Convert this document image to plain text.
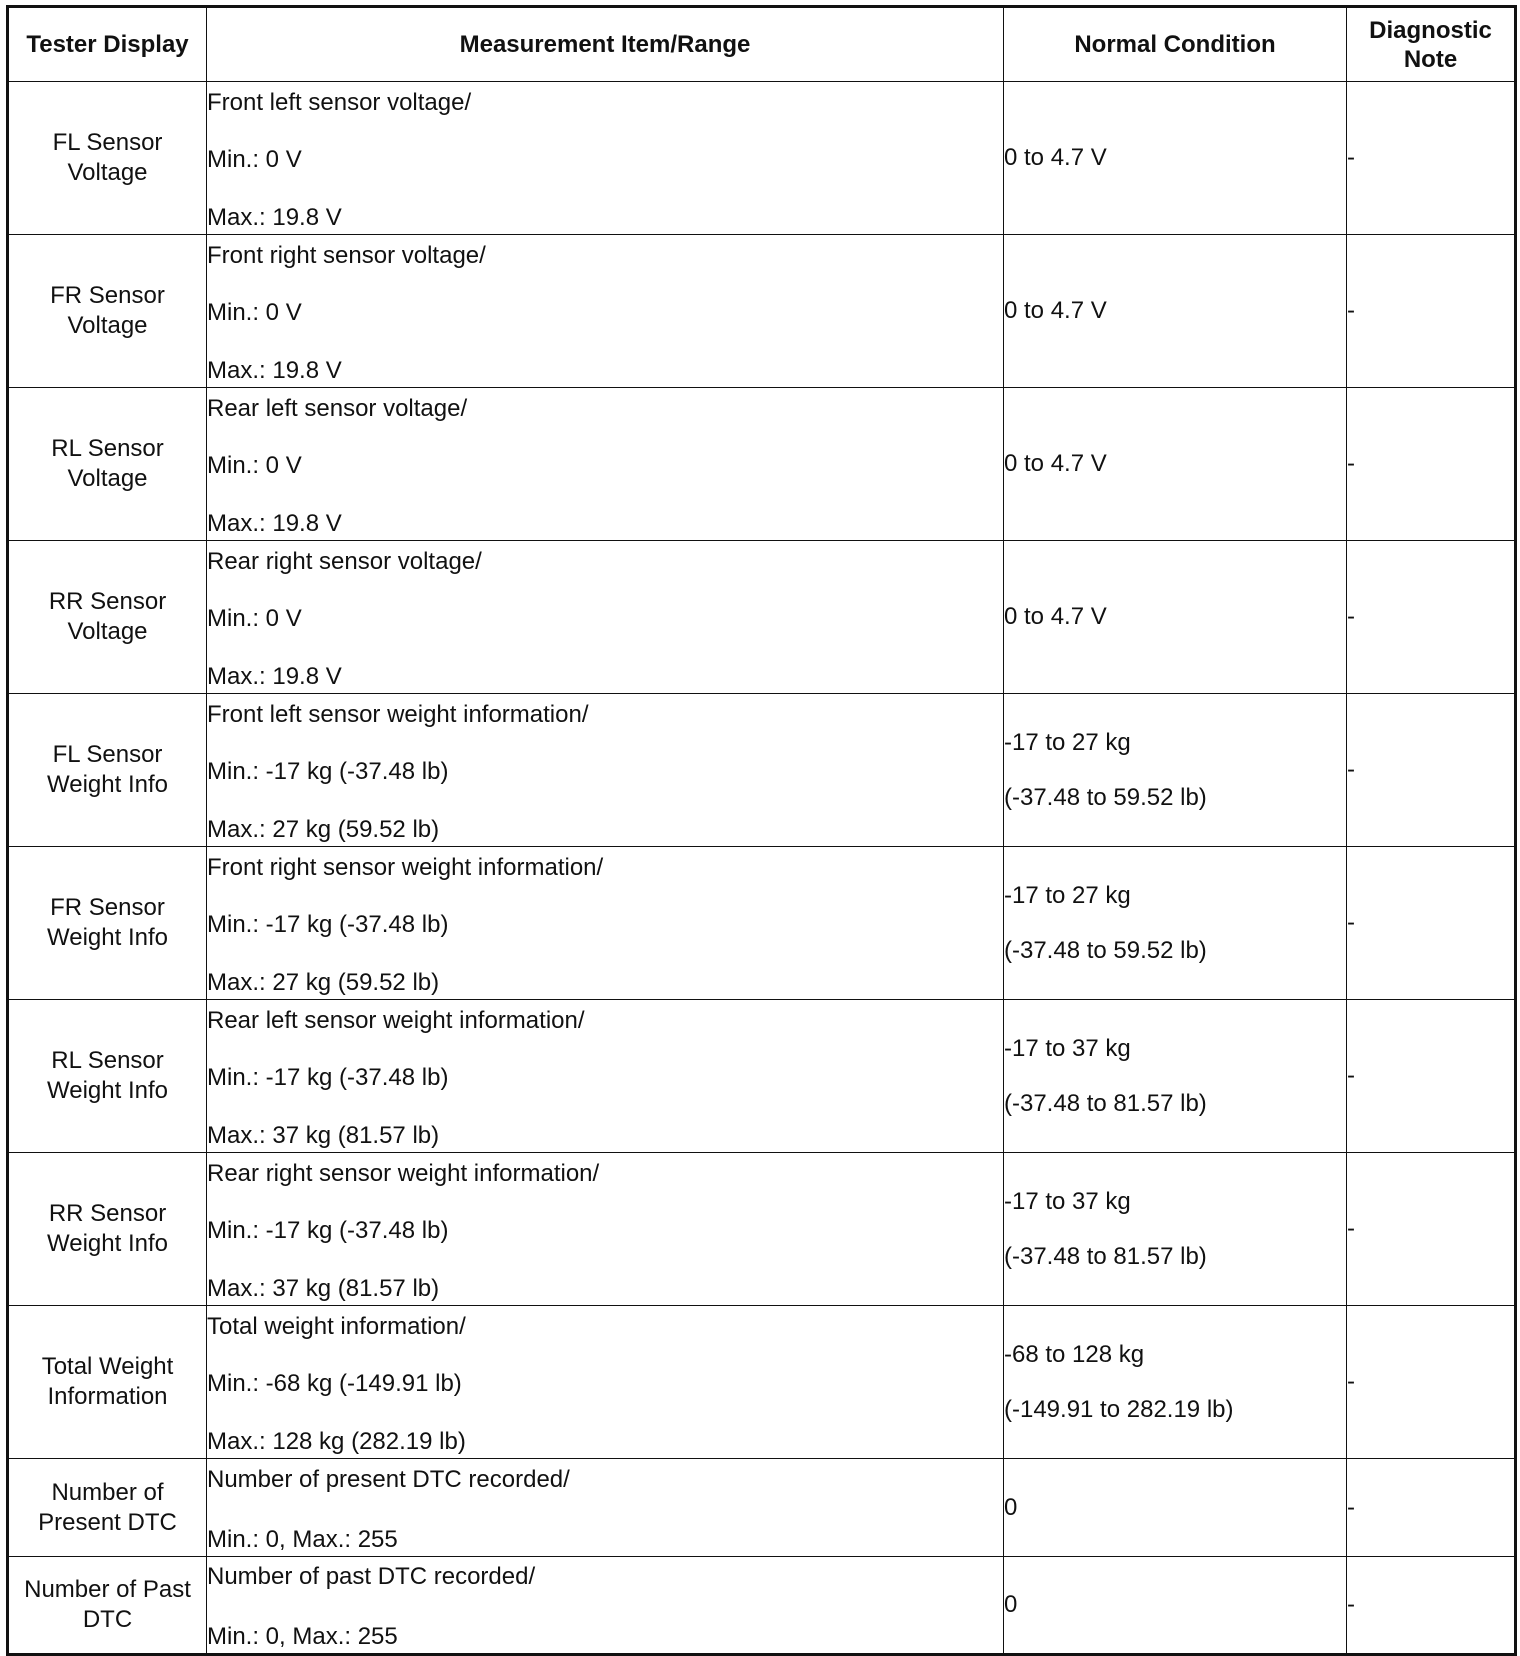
Tester Display	Measurement Item/Range	Normal Condition	Diagnostic
Note
FL Sensor
Voltage	Front left sensor voltage/
Min.: 0 V
Max.: 19.8 V	0 to 4.7 V	-
FR Sensor
Voltage	Front right sensor voltage/
Min.: 0 V
Max.: 19.8 V	0 to 4.7 V	-
RL Sensor
Voltage	Rear left sensor voltage/
Min.: 0 V
Max.: 19.8 V	0 to 4.7 V	-
RR Sensor
Voltage	Rear right sensor voltage/
Min.: 0 V
Max.: 19.8 V	0 to 4.7 V	-
FL Sensor
Weight Info	Front left sensor weight information/
Min.: -17 kg (-37.48 lb)
Max.: 27 kg (59.52 lb)	-17 to 27 kg
(-37.48 to 59.52 lb)	-
FR Sensor
Weight Info	Front right sensor weight information/
Min.: -17 kg (-37.48 lb)
Max.: 27 kg (59.52 lb)	-17 to 27 kg
(-37.48 to 59.52 lb)	-
RL Sensor
Weight Info	Rear left sensor weight information/
Min.: -17 kg (-37.48 lb)
Max.: 37 kg (81.57 lb)	-17 to 37 kg
(-37.48 to 81.57 lb)	-
RR Sensor
Weight Info	Rear right sensor weight information/
Min.: -17 kg (-37.48 lb)
Max.: 37 kg (81.57 lb)	-17 to 37 kg
(-37.48 to 81.57 lb)	-
Total Weight
Information	Total weight information/
Min.: -68 kg (-149.91 lb)
Max.: 128 kg (282.19 lb)	-68 to 128 kg
(-149.91 to 282.19 lb)	-
Number of
Present DTC	Number of present DTC recorded/
Min.: 0, Max.: 255	0	-
Number of Past
DTC	Number of past DTC recorded/
Min.: 0, Max.: 255	0	-
